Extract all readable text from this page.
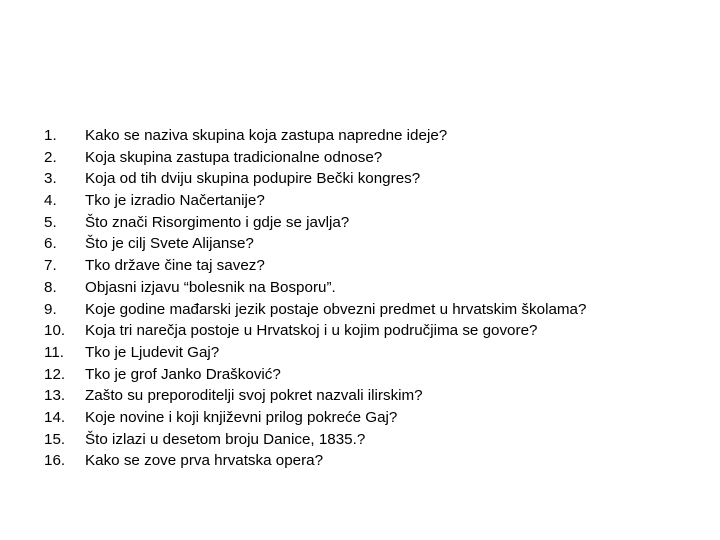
1.	Kako se naziva skupina koja zastupa napredne ideje?
2.	Koja skupina zastupa tradicionalne odnose?
3.	Koja od tih dviju skupina podupire Bečki kongres?
4.	Tko je izradio Načertanije?
5.	Što znači Risorgimento i gdje se javlja?
6.	Što je cilj Svete Alijanse?
7.	Tko države čine taj savez?
8.	Objasni izjavu “bolesnik na Bosporu”.
9.	Koje godine mađarski jezik postaje obvezni predmet u hrvatskim školama?
10.	Koja tri narečja postoje u Hrvatskoj i u kojim područjima se govore?
11.	Tko je Ljudevit Gaj?
12.	Tko je grof Janko Drašković?
13.	Zašto su preporoditelji svoj pokret nazvali ilirskim?
14.	Koje novine i koji književni prilog pokreće Gaj?
15.	Što izlazi u desetom broju Danice, 1835.?
16.	Kako se zove prva hrvatska opera?
